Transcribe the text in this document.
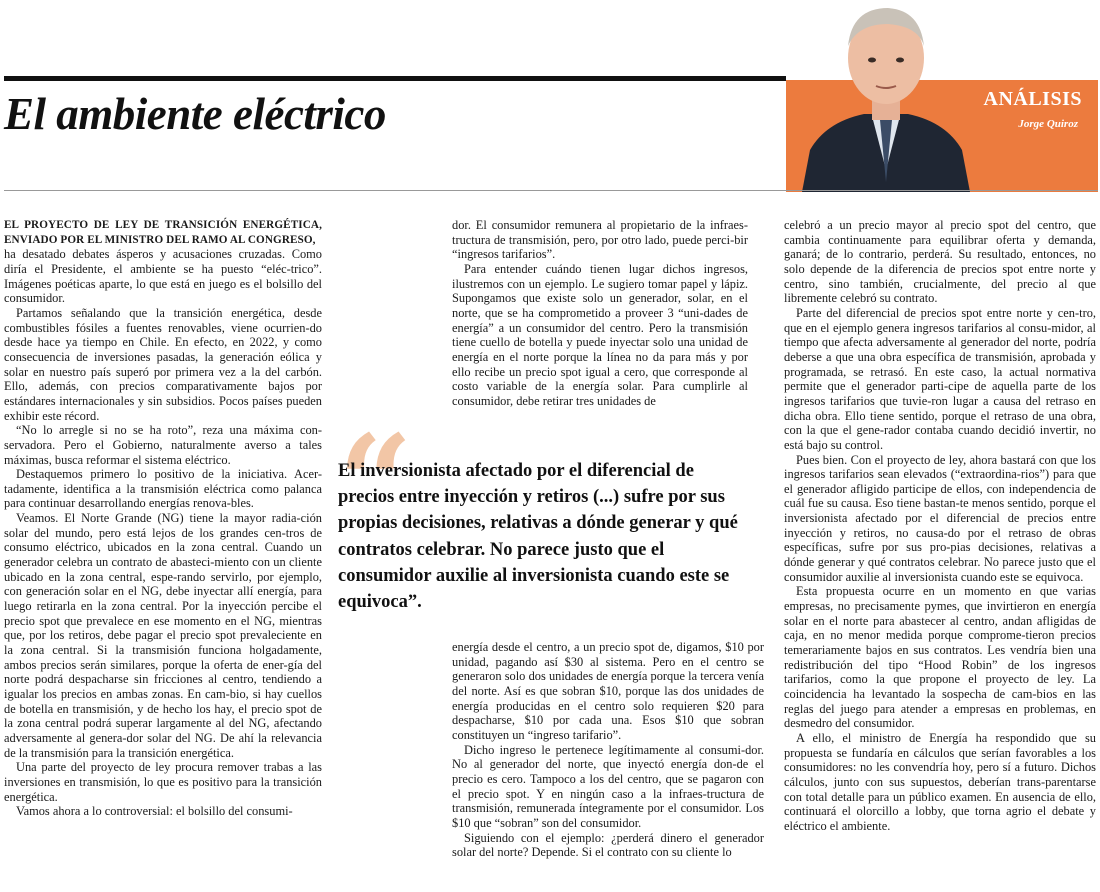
El ambiente eléctrico	ANÁLISIS
Jorge Quiroz
EL PROYECTO DE LEY DE TRANSICIÓN ENERGÉTICA, ENVIADO POR EL MINISTRO DEL RAMO AL CONGRESO,

ha desatado debates ásperos y acusaciones cruzadas. Como diría el Presidente, el ambiente se ha puesto “eléc-trico”. Imágenes poéticas aparte, lo que está en juego es el bolsillo del consumidor.

Partamos señalando que la transición energética, desde combustibles fósiles a fuentes renovables, viene ocurrien-do desde hace ya tiempo en Chile. En efecto, en 2022, y como consecuencia de inversiones pasadas, la generación eólica y solar en nuestro país superó por primera vez a la del carbón. Ello, además, con precios comparativamente bajos por estándares internacionales y sin subsidios. Pocos países pueden exhibir este récord.

“No lo arregle si no se ha roto”, reza una máxima con-servadora. Pero el Gobierno, naturalmente averso a tales máximas, busca reformar el sistema eléctrico.

Destaquemos primero lo positivo de la iniciativa. Acer-tadamente, identifica a la transmisión eléctrica como palanca para continuar desarrollando energías renova-bles.

Veamos. El Norte Grande (NG) tiene la mayor radia-ción solar del mundo, pero está lejos de los grandes cen-tros de consumo eléctrico, ubicados en la zona central. Cuando un generador celebra un contrato de abasteci-miento con un cliente ubicado en la zona central, espe-rando servirlo, por ejemplo, con generación solar en el NG, debe inyectar allí energía, para luego retirarla en la zona central. Por la inyección percibe el precio spot que prevalece en ese momento en el NG, mientras que, por los retiros, debe pagar el precio spot prevaleciente en la zona central. Si la transmisión funciona holgadamente, ambos precios serán similares, porque la oferta de ener-gía del norte podrá despacharse sin fricciones al centro, tendiendo a igualar los precios en ambas zonas. En cam-bio, si hay cuellos de botella en transmisión, y de hecho los hay, el precio spot de la zona central podrá superar largamente al del NG, afectando adversamente al genera-dor solar del NG. De ahí la relevancia de la transmisión para la transición energética.

Una parte del proyecto de ley procura remover trabas a las inversiones en transmisión, lo que es positivo para la transición energética.

Vamos ahora a lo controversial: el bolsillo del consumi-

dor. El consumidor remunera al propietario de la infraes-tructura de transmisión, pero, por otro lado, puede perci-bir “ingresos tarifarios”.

Para entender cuándo tienen lugar dichos ingresos, ilustremos con un ejemplo. Le sugiero tomar papel y lápiz. Supongamos que existe solo un generador, solar, en el norte, que se ha comprometido a proveer 3 “uni-dades de energía” a un consumidor del centro. Pero la transmisión tiene cuello de botella y puede inyectar solo una unidad de energía en el norte porque la línea no da para más y por ello recibe un precio spot igual a cero, que corresponde al costo variable de la energía solar. Para cumplirle al consumidor, debe retirar tres unidades de

“
El inversionista afectado por el diferencial de precios entre inyección y retiros (...) sufre por sus propias decisiones, relativas a dónde generar y qué contratos celebrar. No parece justo que el consumidor auxilie al inversionista cuando este se equivoca”.

energía desde el centro, a un precio spot de, digamos, $10 por unidad, pagando así $30 al sistema. Pero en el centro se generaron solo dos unidades de energía porque la tercera venía del norte. Así es que sobran $10, porque las dos unidades de energía producidas en el centro solo requieren $20 para despacharse, $10 por cada una. Esos $10 que sobran constituyen un “ingreso tarifario”.

Dicho ingreso le pertenece legítimamente al consumi-dor. No al generador del norte, que inyectó energía don-de el precio es cero. Tampoco a los del centro, que se pagaron con el precio spot. Y en ningún caso a la infraes-tructura de transmisión, remunerada íntegramente por el consumidor. Los $10 que “sobran” son del consumidor.

Siguiendo con el ejemplo: ¿perderá dinero el generador solar del norte? Depende. Si el contrato con su cliente lo

celebró a un precio mayor al precio spot del centro, que cambia continuamente para equilibrar oferta y demanda, ganará; de lo contrario, perderá. Su resultado, entonces, no solo depende de la diferencia de precios spot entre norte y centro, sino también, crucialmente, del precio al que libremente celebró su contrato.

Parte del diferencial de precios spot entre norte y cen-tro, que en el ejemplo genera ingresos tarifarios al consu-midor, al tiempo que afecta adversamente al generador del norte, podría deberse a que una obra específica de transmisión, aprobada y programada, se retrasó. En este caso, la actual normativa permite que el generador parti-cipe de aquella parte de los ingresos tarifarios que tuvie-ron lugar a causa del retraso en dicha obra. Ello tiene sentido, porque el retraso de una obra, con la que el gene-rador contaba cuando decidió invertir, no está bajo su control.

Pues bien. Con el proyecto de ley, ahora bastará con que los ingresos tarifarios sean elevados (“extraordina-rios”) para que el generador afligido participe de ellos, con independencia de cuál fue su causa. Eso tiene bastan-te menos sentido, porque el inversionista afectado por el diferencial de precios entre inyección y retiros, no causa-do por el retraso de obras específicas, sufre por sus pro-pias decisiones, relativas a dónde generar y qué contratos celebrar. No parece justo que el consumidor auxilie al inversionista cuando este se equivoca.

Esta propuesta ocurre en un momento en que varias empresas, no precisamente pymes, que invirtieron en energía solar en el norte para abastecer al centro, andan afligidas de caja, en no menor medida porque comprome-tieron precios temerariamente bajos en sus contratos. Les vendría bien una redistribución del tipo “Hood Robin” de los ingresos tarifarios, como la que propone el proyecto de ley. La coincidencia ha levantado la sospecha de cam-bios en las reglas del juego para atender a empresas en problemas, en desmedro del consumidor.

A ello, el ministro de Energía ha respondido que su propuesta se fundaría en cálculos que serían favorables a los consumidores: no les convendría hoy, pero sí a futuro. Dichos cálculos, junto con sus supuestos, deberían trans-parentarse con total detalle para un público examen. En ausencia de ello, continuará el olorcillo a lobby, que torna agrio el debate y eléctrico el ambiente.
